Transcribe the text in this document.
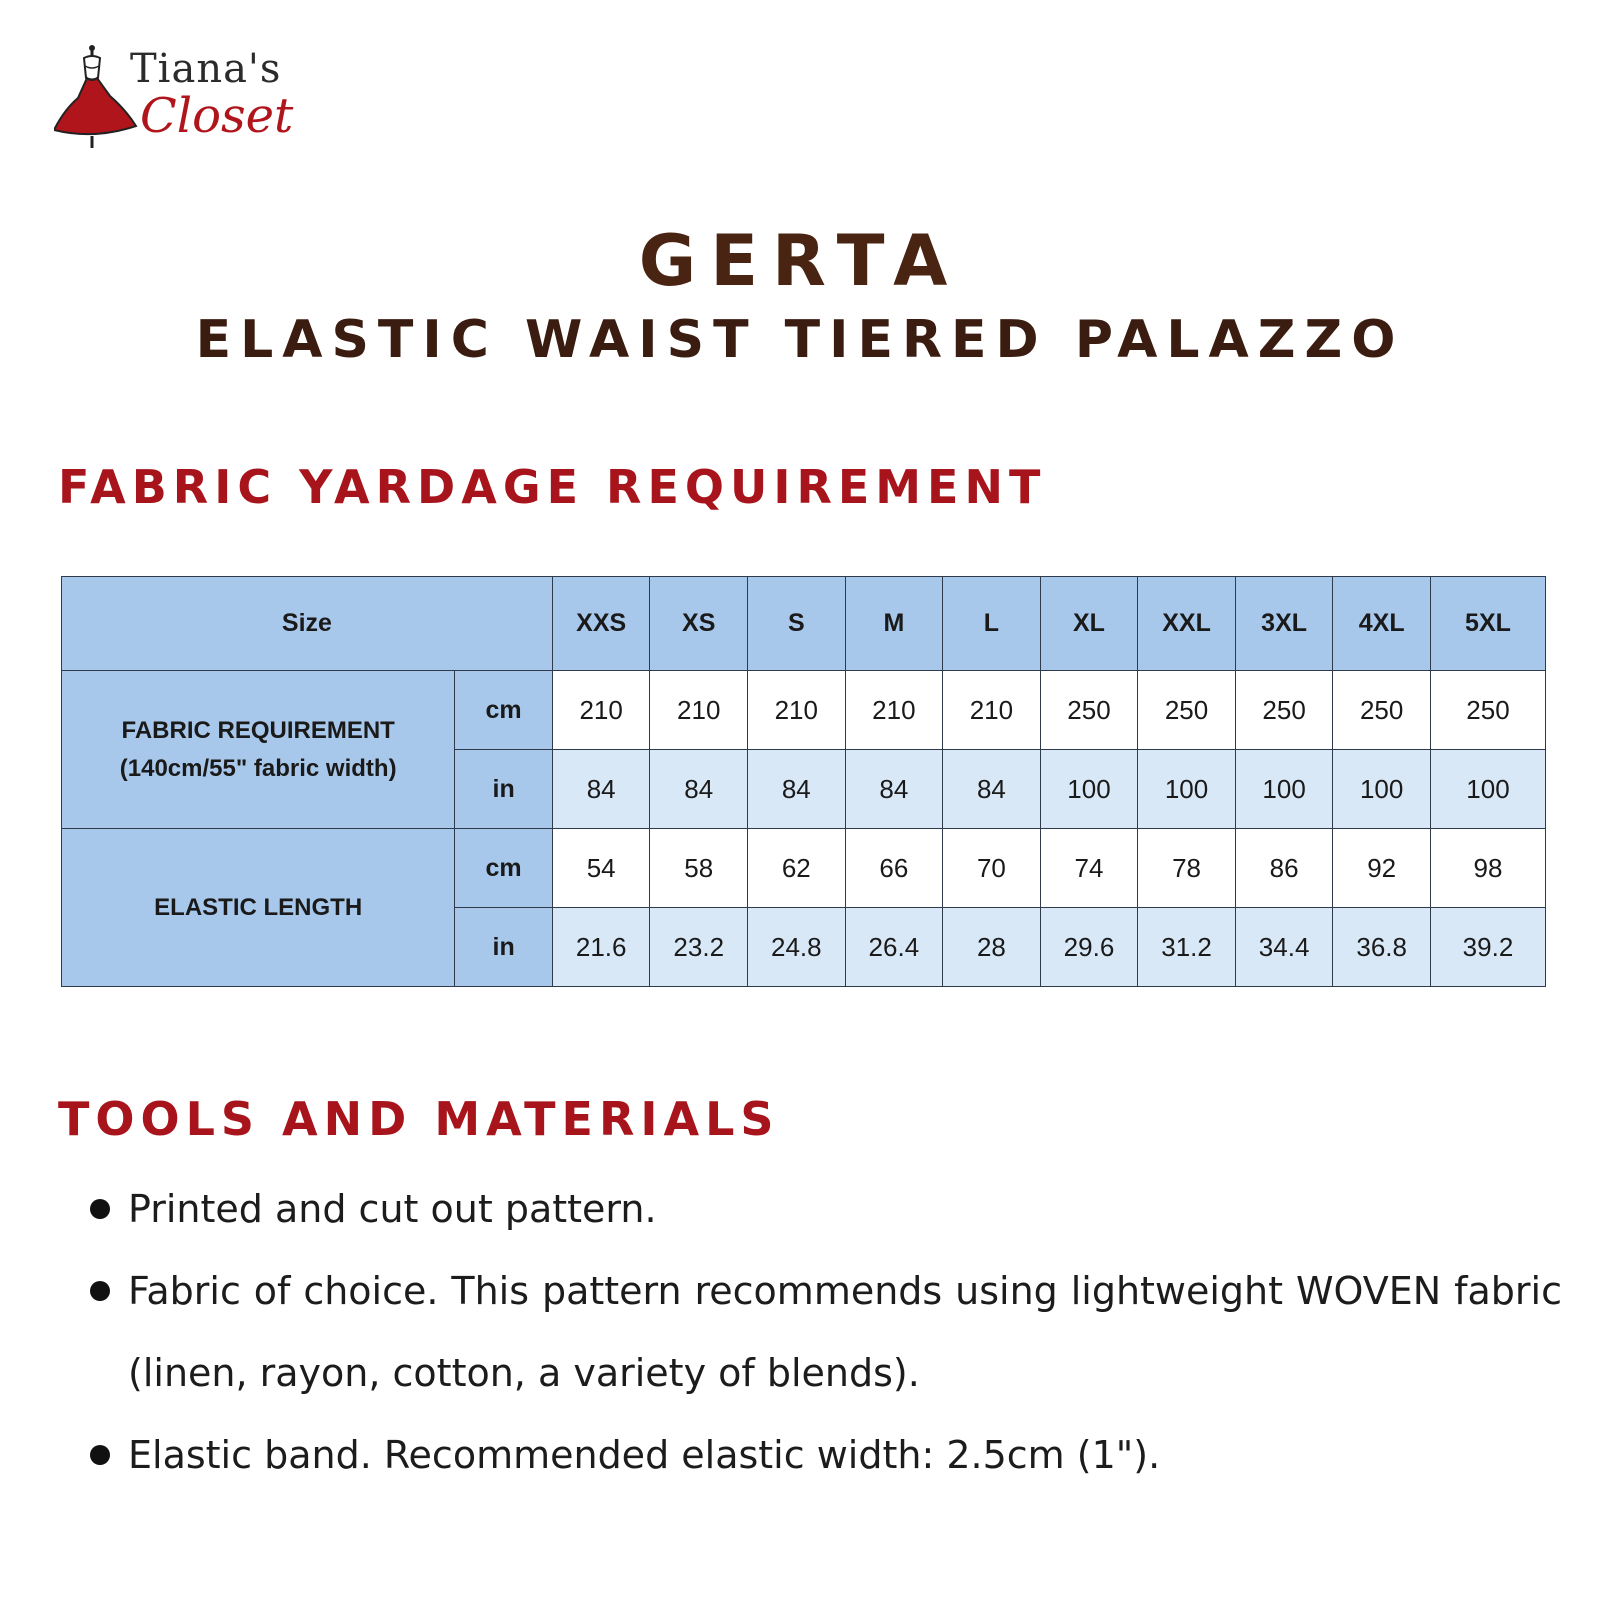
Tiana's
Closet
GERTA
ELASTIC WAIST TIERED PALAZZO
FABRIC YARDAGE REQUIREMENT
Size		XXS	XS	S	M	L	XL	XXL	3XL	4XL	5XL

FABRIC REQUIREMENT
(140cm/55" fabric width)	cm	210	210	210	210	210	250	250	250	250	250
	in	84	84	84	84	84	100	100	100	100	100
ELASTIC LENGTH	cm	54	58	62	66	70	74	78	86	92	98
	in	21.6	23.2	24.8	26.4	28	29.6	31.2	34.4	36.8	39.2
TOOLS AND MATERIALS
Printed and cut out pattern.
Fabric of choice. This pattern recommends using lightweight WOVEN fabric (linen, rayon, cotton, a variety of blends).
Elastic band. Recommended elastic width: 2.5cm (1").
